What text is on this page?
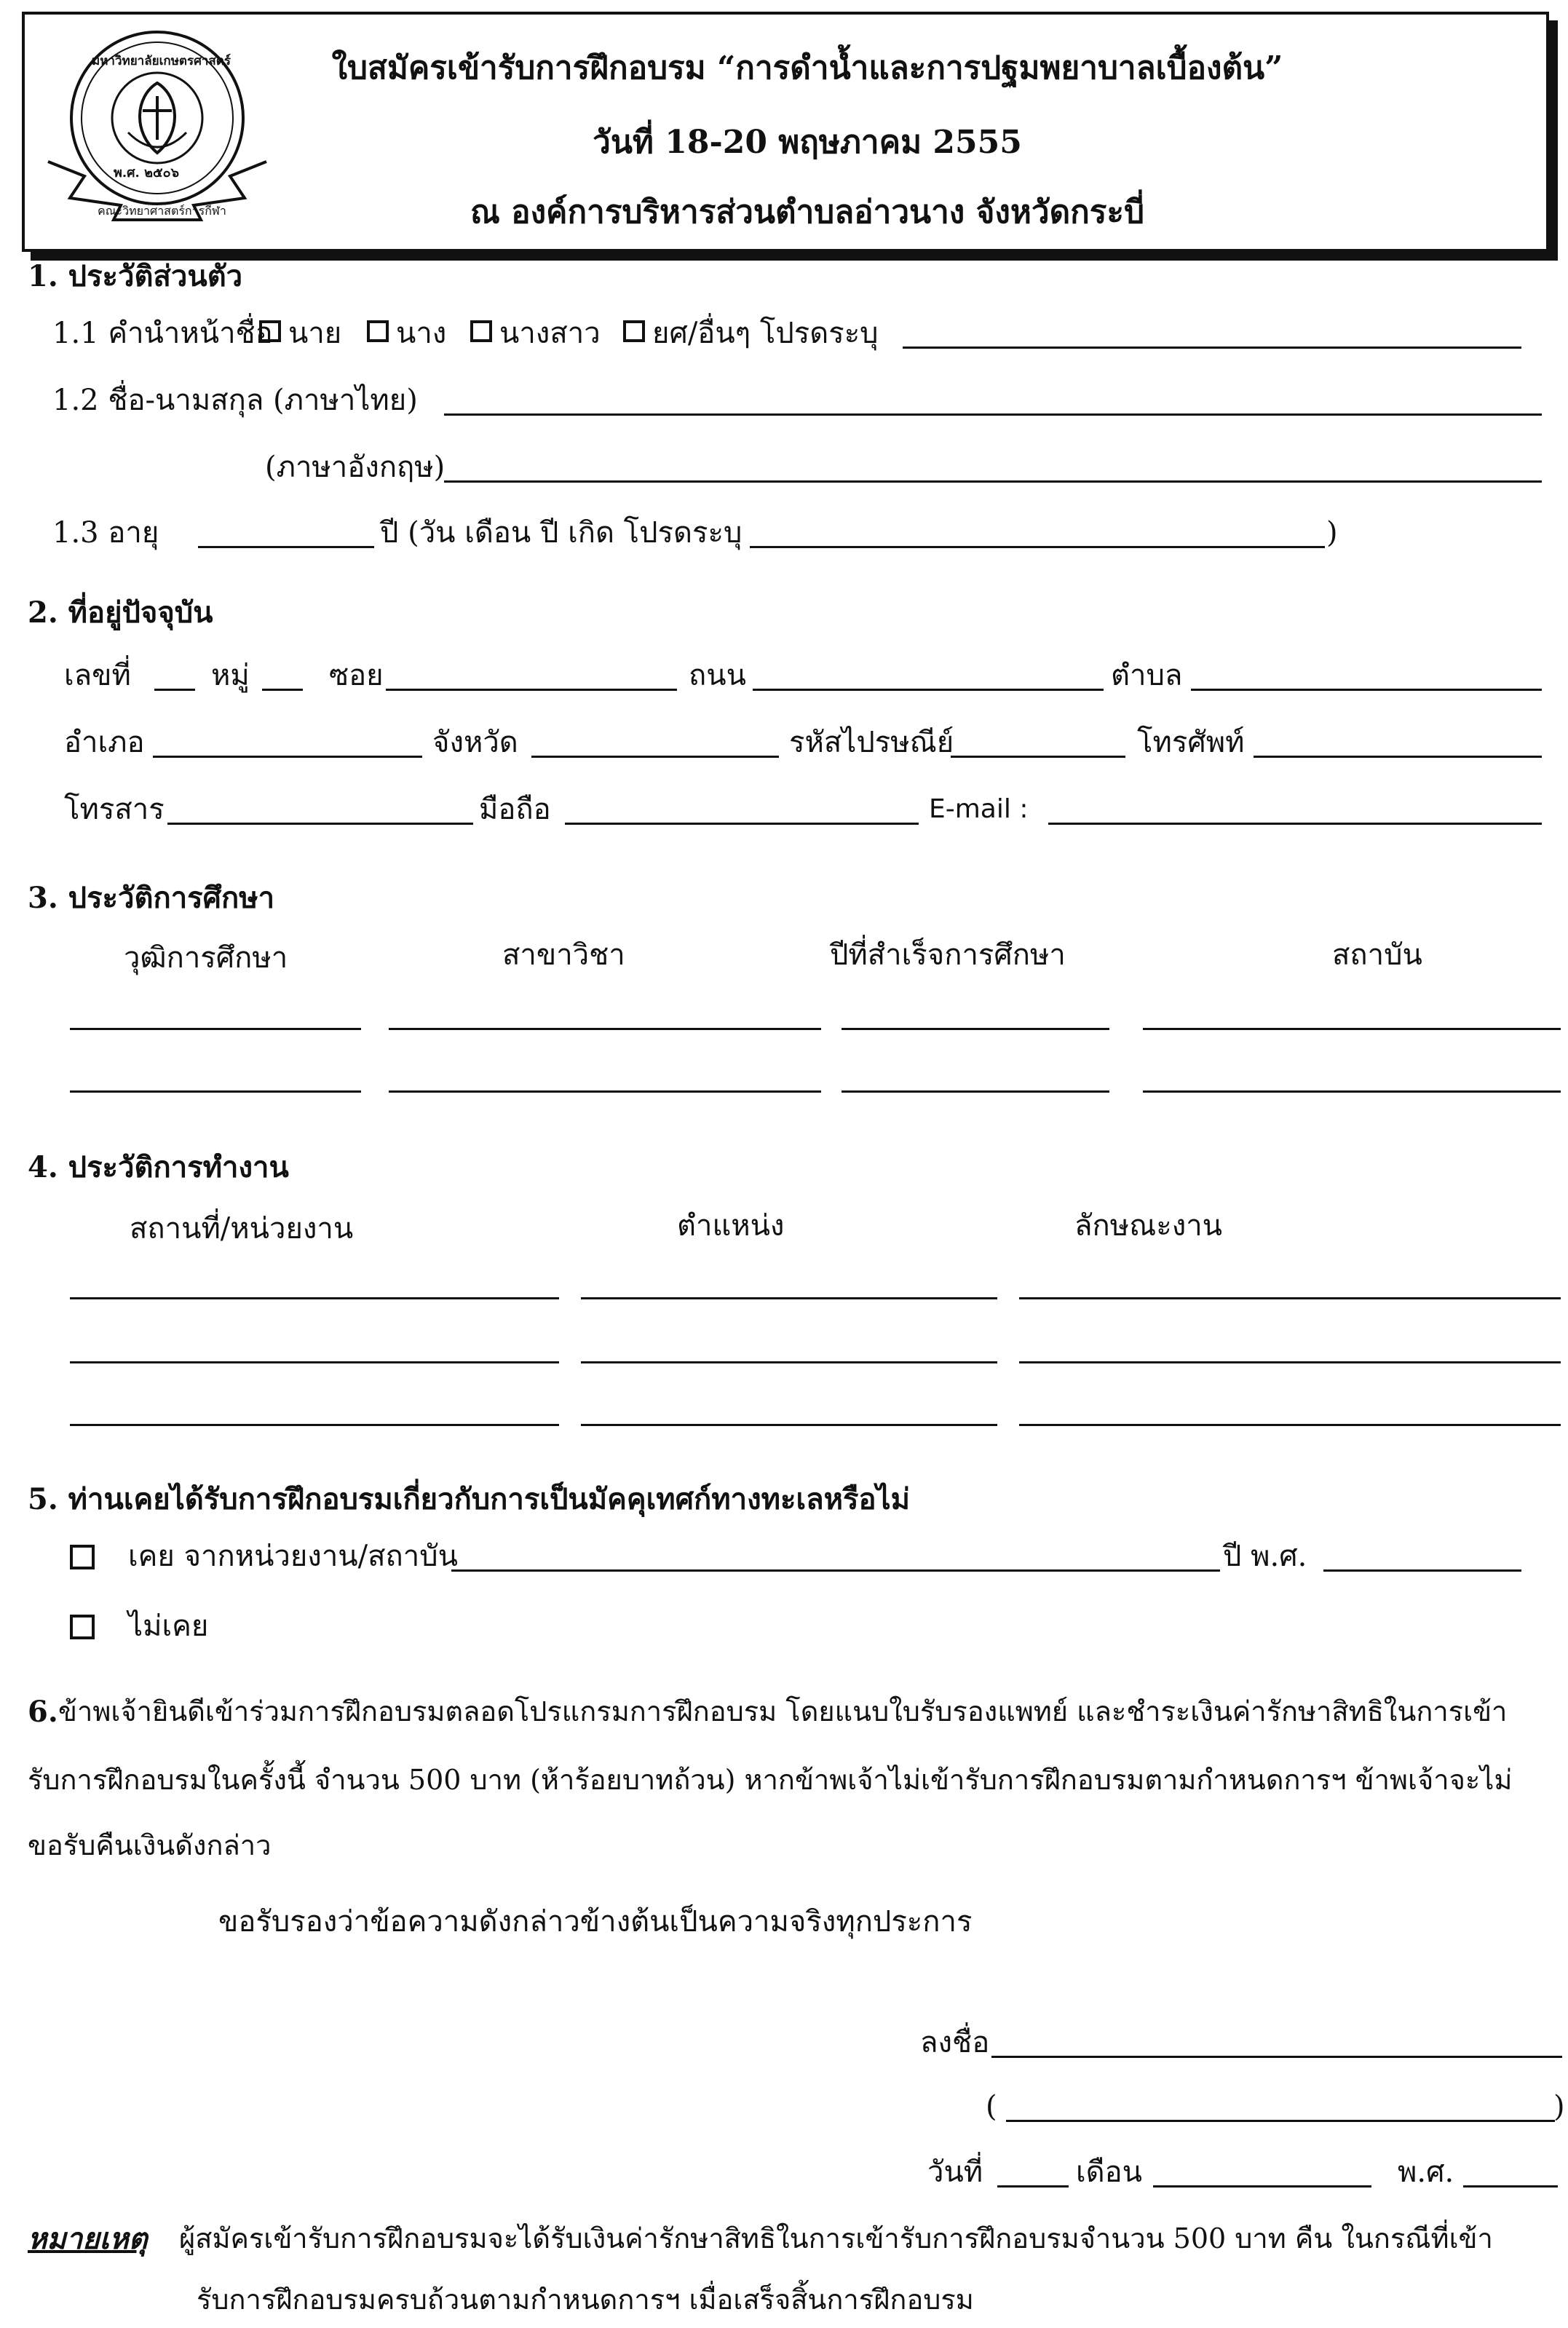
มหาวิทยาลัยเกษตรศาสตร์
พ.ศ. ๒๕๐๖
คณะวิทยาศาสตร์การกีฬา
ใบสมัครเข้ารับการฝึกอบรม “การดำน้ำและการปฐมพยาบาลเบื้องต้น”
วันที่ 18-20 พฤษภาคม 2555
ณ องค์การบริหารส่วนตำบลอ่าวนาง จังหวัดกระบี่
1. ประวัติส่วนตัว
1.1 คำนำหน้าชื่อ นาย นาง นางสาว ยศ/อื่นๆ โปรดระบุ
1.2 ชื่อ-นามสกุล (ภาษาไทย)
(ภาษาอังกฤษ)
1.3 อายุ	ปี (วัน เดือน ปี เกิด โปรดระบุ	)
2. ที่อยู่ปัจจุบัน
เลขที่	หมู่	ซอย	ถนน	ตำบล
อำเภอ	จังหวัด	รหัสไปรษณีย์	โทรศัพท์
โทรสาร	มือถือ	E-mail :
3. ประวัติการศึกษา
วุฒิการศึกษา	สาขาวิชา	ปีที่สำเร็จการศึกษา	สถาบัน
4. ประวัติการทำงาน
สถานที่/หน่วยงาน	ตำแหน่ง	ลักษณะงาน
5. ท่านเคยได้รับการฝึกอบรมเกี่ยวกับการเป็นมัคคุเทศก์ทางทะเลหรือไม่
เคย จากหน่วยงาน/สถาบัน	ปี พ.ศ.
ไม่เคย
6. ข้าพเจ้ายินดีเข้าร่วมการฝึกอบรมตลอดโปรแกรมการฝึกอบรม โดยแนบใบรับรองแพทย์ และชำระเงินค่ารักษาสิทธิในการเข้า
รับการฝึกอบรมในครั้งนี้ จำนวน 500 บาท (ห้าร้อยบาทถ้วน) หากข้าพเจ้าไม่เข้ารับการฝึกอบรมตามกำหนดการฯ ข้าพเจ้าจะไม่
ขอรับคืนเงินดังกล่าว
ขอรับรองว่าข้อความดังกล่าวข้างต้นเป็นความจริงทุกประการ
ลงชื่อ
(	)
วันที่	เดือน	พ.ศ.
หมายเหตุ ผู้สมัครเข้ารับการฝึกอบรมจะได้รับเงินค่ารักษาสิทธิในการเข้ารับการฝึกอบรมจำนวน 500 บาท คืน ในกรณีที่เข้า
รับการฝึกอบรมครบถ้วนตามกำหนดการฯ เมื่อเสร็จสิ้นการฝึกอบรม
